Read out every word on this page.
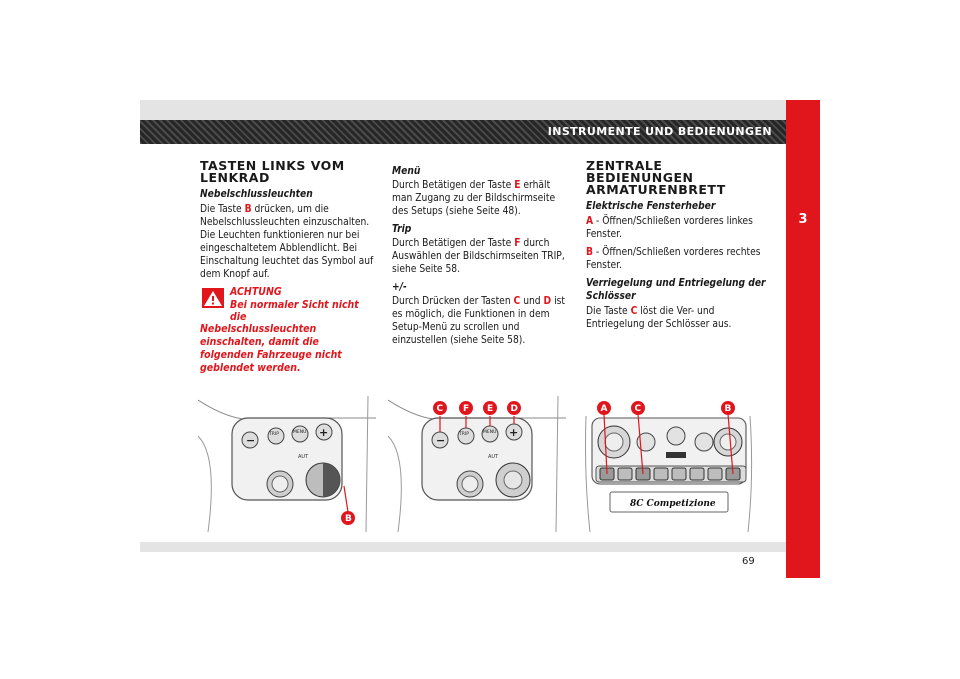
INSTRUMENTE UND BEDIENUNGEN
3
TASTEN LINKS VOM LENKRAD
Nebelschlussleuchten

Die Taste B drücken, um die Nebelschlussleuchten einzuschalten. Die Leuchten funktionieren nur bei eingeschaltetem Abblendlicht. Bei Einschaltung leuchtet das Symbol auf dem Knopf auf.

ACHTUNG
Bei normaler Sicht nicht die
Nebelschlussleuchten einschalten, damit die folgenden Fahrzeuge nicht geblendet werden.
Menü

Durch Betätigen der Taste E erhält man Zugang zu der Bildschirmseite des Setups (siehe Seite 48).

Trip

Durch Betätigen der Taste F durch Auswählen der Bildschirmseiten TRIP, siehe Seite 58.

+/-

Durch Drücken der Tasten C und D ist es möglich, die Funktionen in dem Setup-Menü zu scrollen und einzustellen (siehe Seite 58).

ZENTRALE BEDIENUNGEN ARMATURENBRETT
Elektrische Fensterheber

A - Öffnen/Schließen vorderes linkes Fenster.

B - Öffnen/Schließen vorderes rechtes Fenster.

Verriegelung und Entriegelung der Schlösser

Die Taste C löst die Ver- und Entriegelung der Schlösser aus.

−	TRIP	MENU +
AUT
B
−	TRIP	MENU +
AUT
C F E D
8C Competizione
A	C	B
69
